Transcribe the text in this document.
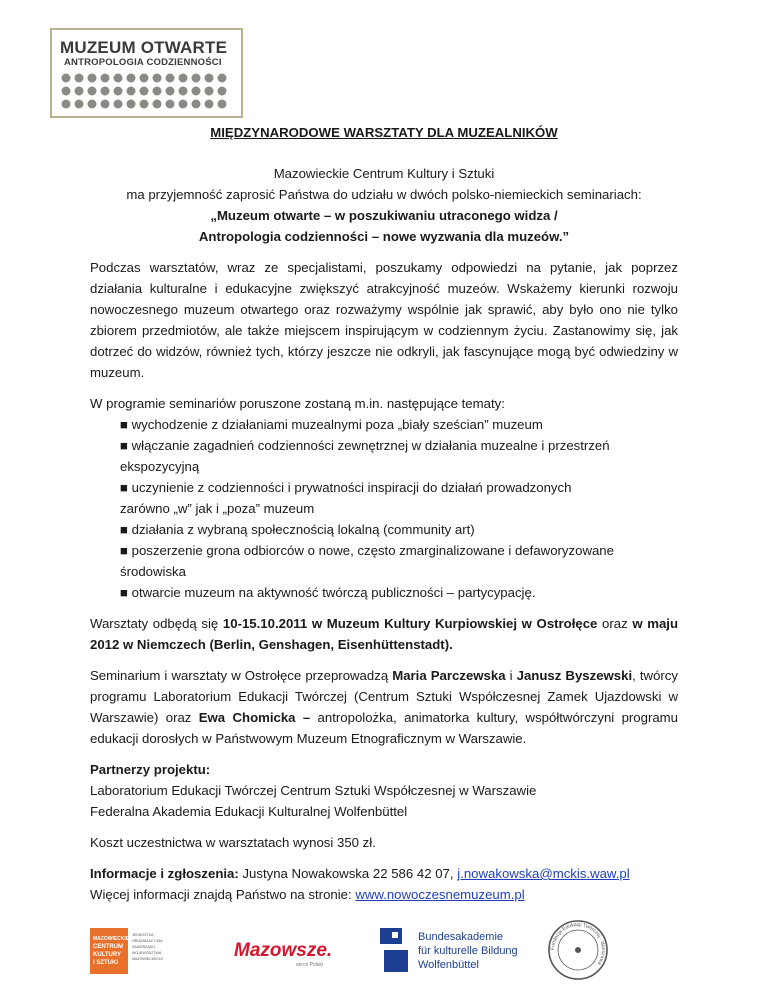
MUZEUM OTWARTE
ANTROPOLOGIA CODZIENNOŚCI

MIĘDZYNARODOWE WARSZTATY DLA MUZEALNIKÓW

Mazowieckie Centrum Kultury i Sztuki

ma przyjemność zaprosić Państwa do udziału w dwóch polsko-niemieckich seminariach:

„Muzeum otwarte – w poszukiwaniu utraconego widza /

Antropologia codzienności – nowe wyzwania dla muzeów.”

Podczas warsztatów, wraz ze specjalistami, poszukamy odpowiedzi na pytanie, jak poprzez działania kulturalne i edukacyjne zwiększyć atrakcyjność muzeów. Wskażemy kierunki rozwoju nowoczesnego muzeum otwartego oraz rozważymy wspólnie jak sprawić, aby było ono nie tylko zbiorem przedmiotów, ale także miejscem inspirującym w codziennym życiu. Zastanowimy się, jak dotrzeć do widzów, również tych, którzy jeszcze nie odkryli, jak fascynujące mogą być odwiedziny w muzeum.

W programie seminariów poruszone zostaną m.in. następujące tematy:

■ wychodzenie z działaniami muzealnymi poza „biały sześcian” muzeum

■ włączanie zagadnień codzienności zewnętrznej w działania muzealne i przestrzeń

ekspozycyjną

■ uczynienie z codzienności i prywatności inspiracji do działań prowadzonych

zarówno „w” jak i „poza” muzeum

■ działania z wybraną społecznością lokalną (community art)

■ poszerzenie grona odbiorców o nowe, często zmarginalizowane i defaworyzowane

środowiska

■ otwarcie muzeum na aktywność twórczą publiczności – partycypację.

Warsztaty odbędą się 10-15.10.2011 w Muzeum Kultury Kurpiowskiej w Ostrołęce oraz w maju 2012 w Niemczech (Berlin, Genshagen, Eisenhüttenstadt).

Seminarium i warsztaty w Ostrołęce przeprowadzą Maria Parczewska i Janusz Byszewski, twórcy programu Laboratorium Edukacji Twórczej (Centrum Sztuki Współczesnej Zamek Ujazdowski w Warszawie) oraz Ewa Chomicka – antropolożka, animatorka kultury, współtwórczyni programu edukacji dorosłych w Państwowym Muzeum Etnograficznym w Warszawie.

Partnerzy projektu:

Laboratorium Edukacji Twórczej Centrum Sztuki Współczesnej w Warszawie

Federalna Akademia Edukacji Kulturalnej Wolfenbüttel

Koszt uczestnictwa w warsztatach wynosi 350 zł.

Informacje i zgłoszenia: Justyna Nowakowska 22 586 42 07, j.nowakowska@mckis.waw.pl

Więcej informacji znajdą Państwo na stronie: www.nowoczesnemuzeum.pl

MAZOWIECKIE
CENTRUM
KULTURY
I SZTUKI
JEDNOSTKA
ORGANIZACYJNA
SAMORZĄDU
WOJEWÓDZTWA
MAZOWIECKIEGO	Mazowsze.
serce Polski
Bundesakademie
für kulturelle Bildung
Wolfenbüttel
Fundacja Edukacji Twórczej · Warszawa
